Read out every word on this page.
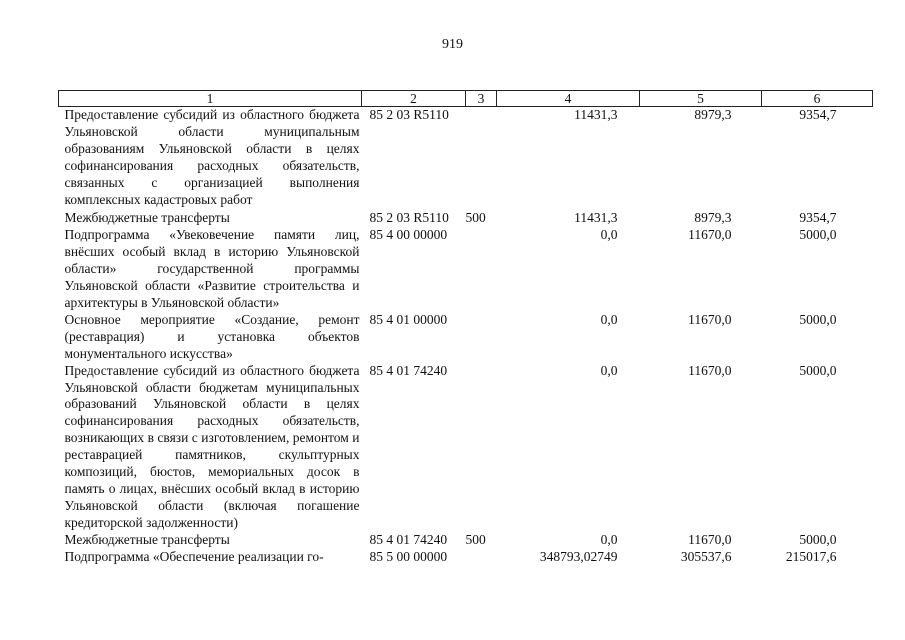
919
1	2	3	4	5	6
Предоставление субсидий из областного бюджета Ульяновской области муниципальным образованиям Ульяновской области в целях софинансирования расходных обязательств, связанных с организацией выполнения комплексных кадастровых работ	85 2 03 R5110		11431,3	8979,3	9354,7
Межбюджетные трансферты	85 2 03 R5110	500	11431,3	8979,3	9354,7
Подпрограмма «Увековечение памяти лиц, внёсших особый вклад в историю Ульяновской области» государственной программы Ульяновской области «Развитие строительства и архитектуры в Ульяновской области»	85 4 00 00000		0,0	11670,0	5000,0
Основное мероприятие «Создание, ремонт (реставрация) и установка объектов монументального искусства»	85 4 01 00000		0,0	11670,0	5000,0
Предоставление субсидий из областного бюджета Ульяновской области бюджетам муниципальных образований Ульяновской области в целях софинансирования расходных обязательств, возникающих в связи с изготовлением, ремонтом и реставрацией памятников, скульптурных композиций, бюстов, мемориальных досок в память о лицах, внёсших особый вклад в историю Ульяновской области (включая погашение кредиторской задолженности)	85 4 01 74240		0,0	11670,0	5000,0
Межбюджетные трансферты	85 4 01 74240	500	0,0	11670,0	5000,0
Подпрограмма «Обеспечение реализации го-	85 5 00 00000		348793,02749	305537,6	215017,6
